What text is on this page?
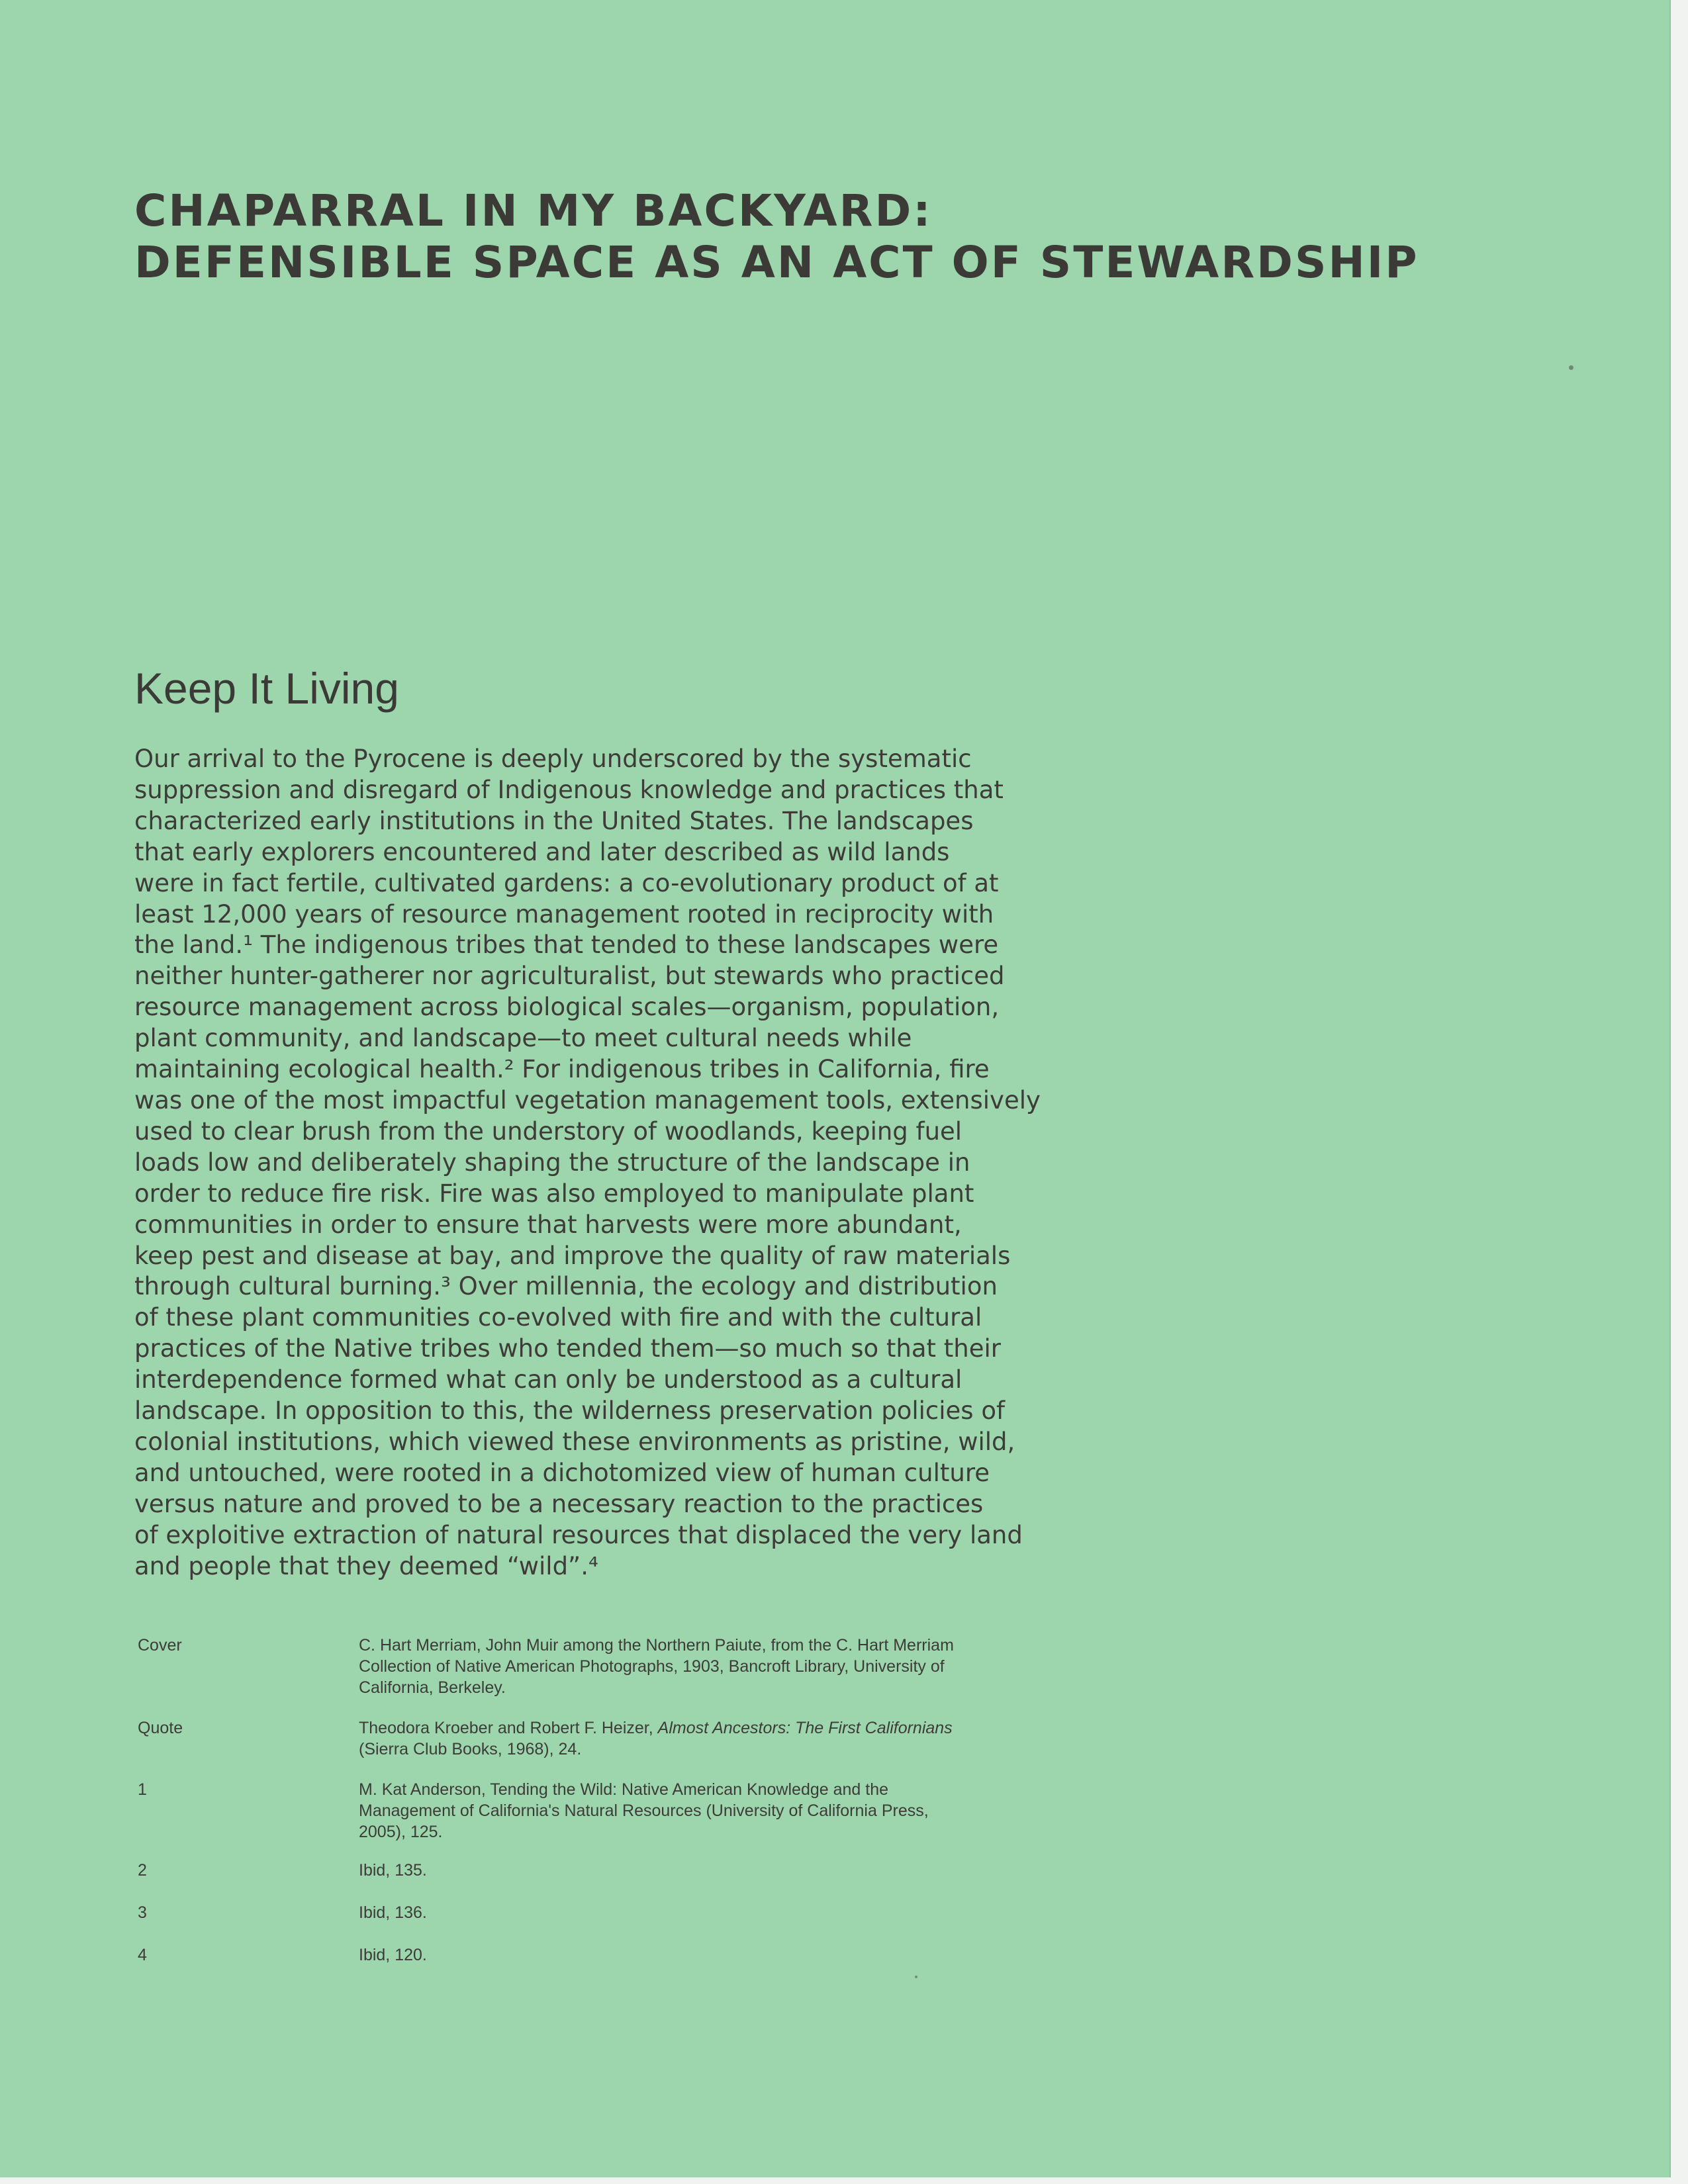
CHAPARRAL IN MY BACKYARD:
DEFENSIBLE SPACE AS AN ACT OF STEWARDSHIP
Keep It Living

Our arrival to the Pyrocene is deeply underscored by the systematic
suppression and disregard of Indigenous knowledge and practices that
characterized early institutions in the United States. The landscapes
that early explorers encountered and later described as wild lands
were in fact fertile, cultivated gardens: a co-evolutionary product of at
least 12,000 years of resource management rooted in reciprocity with
the land.¹ The indigenous tribes that tended to these landscapes were
neither hunter-gatherer nor agriculturalist, but stewards who practiced
resource management across biological scales—organism, population,
plant community, and landscape—to meet cultural needs while
maintaining ecological health.² For indigenous tribes in California, fire
was one of the most impactful vegetation management tools, extensively
used to clear brush from the understory of woodlands, keeping fuel
loads low and deliberately shaping the structure of the landscape in
order to reduce fire risk. Fire was also employed to manipulate plant
communities in order to ensure that harvests were more abundant,
keep pest and disease at bay, and improve the quality of raw materials
through cultural burning.³ Over millennia, the ecology and distribution
of these plant communities co-evolved with fire and with the cultural
practices of the Native tribes who tended them—so much so that their
interdependence formed what can only be understood as a cultural
landscape. In opposition to this, the wilderness preservation policies of
colonial institutions, which viewed these environments as pristine, wild,
and untouched, were rooted in a dichotomized view of human culture
versus nature and proved to be a necessary reaction to the practices
of exploitive extraction of natural resources that displaced the very land
and people that they deemed “wild”.⁴

Cover	C. Hart Merriam, John Muir among the Northern Paiute, from the C. Hart Merriam
Collection of Native American Photographs, 1903, Bancroft Library, University of
California, Berkeley.
Quote	Theodora Kroeber and Robert F. Heizer, Almost Ancestors: The First Californians
(Sierra Club Books, 1968), 24.
1	M. Kat Anderson, Tending the Wild: Native American Knowledge and the
Management of California's Natural Resources (University of California Press,
2005), 125.
2	Ibid, 135.
3	Ibid, 136.
4	Ibid, 120.
